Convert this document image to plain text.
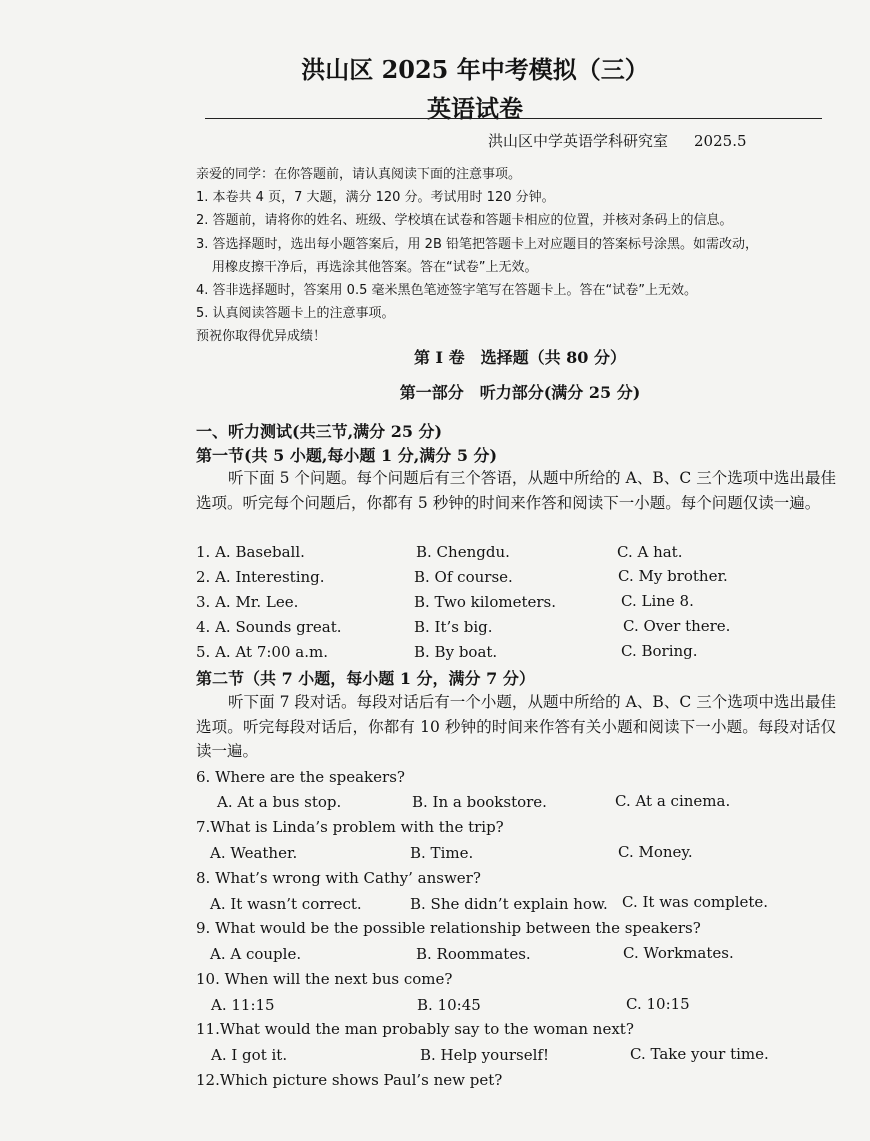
洪山区 2025 年中考模拟（三）
英语试卷
洪山区中学英语学科研究室 2025.5
亲爱的同学：在你答题前，请认真阅读下面的注意事项。
1. 本卷共 4 页，7 大题，满分 120 分。考试用时 120 分钟。
2. 答题前，请将你的姓名、班级、学校填在试卷和答题卡相应的位置，并核对条码上的信息。
3. 答选择题时，选出每小题答案后，用 2B 铅笔把答题卡上对应题目的答案标号涂黑。如需改动，
用橡皮擦干净后，再选涂其他答案。答在“试卷”上无效。
4. 答非选择题时，答案用 0.5 毫米黑色笔迹签字笔写在答题卡上。答在“试卷”上无效。
5. 认真阅读答题卡上的注意事项。
预祝你取得优异成绩！
第 I 卷　选择题（共 80 分）
第一部分　听力部分(满分 25 分)
一、听力测试(共三节,满分 25 分)
第一节(共 5 小题,每小题 1 分,满分 5 分)
听下面 5 个问题。每个问题后有三个答语，从题中所给的 A、B、C 三个选项中选出最佳选项。听完每个问题后，你都有 5 秒钟的时间来作答和阅读下一小题。每个问题仅读一遍。
1. A. Baseball.	B. Chengdu.	C. A hat.
2. A. Interesting.	B. Of course.	C. My brother.
3. A. Mr. Lee.	B. Two kilometers.	C. Line 8.
4. A. Sounds great.	B. It’s big.	C. Over there.
5. A. At 7:00 a.m.	B. By boat.	C. Boring.
第二节（共 7 小题，每小题 1 分，满分 7 分）
听下面 7 段对话。每段对话后有一个小题，从题中所给的 A、B、C 三个选项中选出最佳选项。听完每段对话后，你都有 10 秒钟的时间来作答有关小题和阅读下一小题。每段对话仅读一遍。
6. Where are the speakers?
A. At a bus stop.	B. In a bookstore.	C. At a cinema.
7.What is Linda’s problem with the trip?
A. Weather.	B. Time.	C. Money.
8. What’s wrong with Cathy’ answer?
A. It wasn’t correct.	B. She didn’t explain how. C. It was complete.
9. What would be the possible relationship between the speakers?
A. A couple.	B. Roommates.	C. Workmates.
10. When will the next bus come?
A. 11:15	B. 10:45	C. 10:15
11.What would the man probably say to the woman next?
A. I got it.	B. Help yourself!	C. Take your time.
12.Which picture shows Paul’s new pet?
